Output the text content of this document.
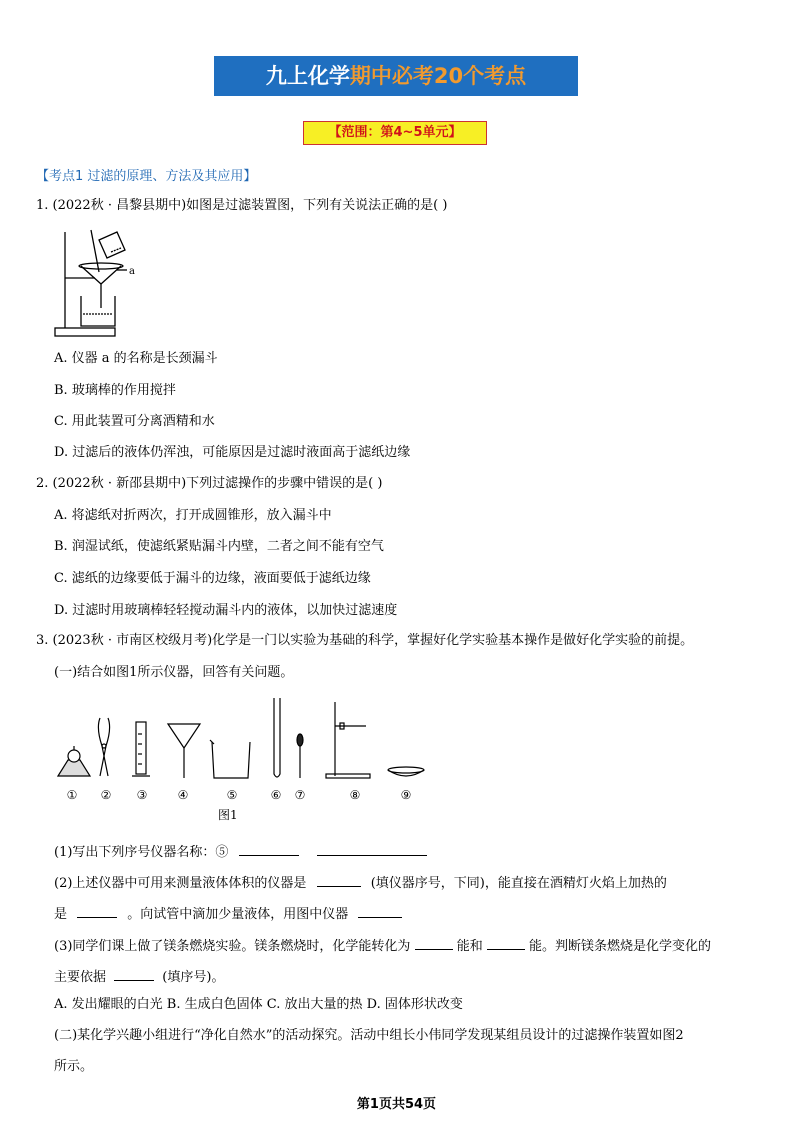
九上化学期中必考20个考点
【范围：第4~5单元】
【考点1 过滤的原理、方法及其应用】
1. (2022秋 · 昌黎县期中)如图是过滤装置图，下列有关说法正确的是( )
a
A. 仪器 a 的名称是长颈漏斗
B. 玻璃棒的作用搅拌
C. 用此装置可分离酒精和水
D. 过滤后的液体仍浑浊，可能原因是过滤时液面高于滤纸边缘
2. (2022秋 · 新邵县期中)下列过滤操作的步骤中错误的是( )
A. 将滤纸对折两次，打开成圆锥形，放入漏斗中
B. 润湿试纸，使滤纸紧贴漏斗内壁，二者之间不能有空气
C. 滤纸的边缘要低于漏斗的边缘，液面要低于滤纸边缘
D. 过滤时用玻璃棒轻轻搅动漏斗内的液体，以加快过滤速度
3. (2023秋 · 市南区校级月考)化学是一门以实验为基础的科学，掌握好化学实验基本操作是做好化学实验的前提。
(一)结合如图1所示仪器，回答有关问题。
①	②	③	④	⑤	⑥	⑦	⑧	⑨
图1
(1)写出下列序号仪器名称：⑤
(2)上述仪器中可用来测量液体体积的仪器是	(填仪器序号，下同)，能直接在酒精灯火焰上加热的
是	。向试管中滴加少量液体，用图中仪器
(3)同学们课上做了镁条燃烧实验。镁条燃烧时，化学能转化为	能和	能。判断镁条燃烧是化学变化的
主要依据	(填序号)。
A. 发出耀眼的白光 B. 生成白色固体 C. 放出大量的热 D. 固体形状改变
(二)某化学兴趣小组进行“净化自然水”的活动探究。活动中组长小伟同学发现某组员设计的过滤操作装置如图2
所示。
第1页共54页
